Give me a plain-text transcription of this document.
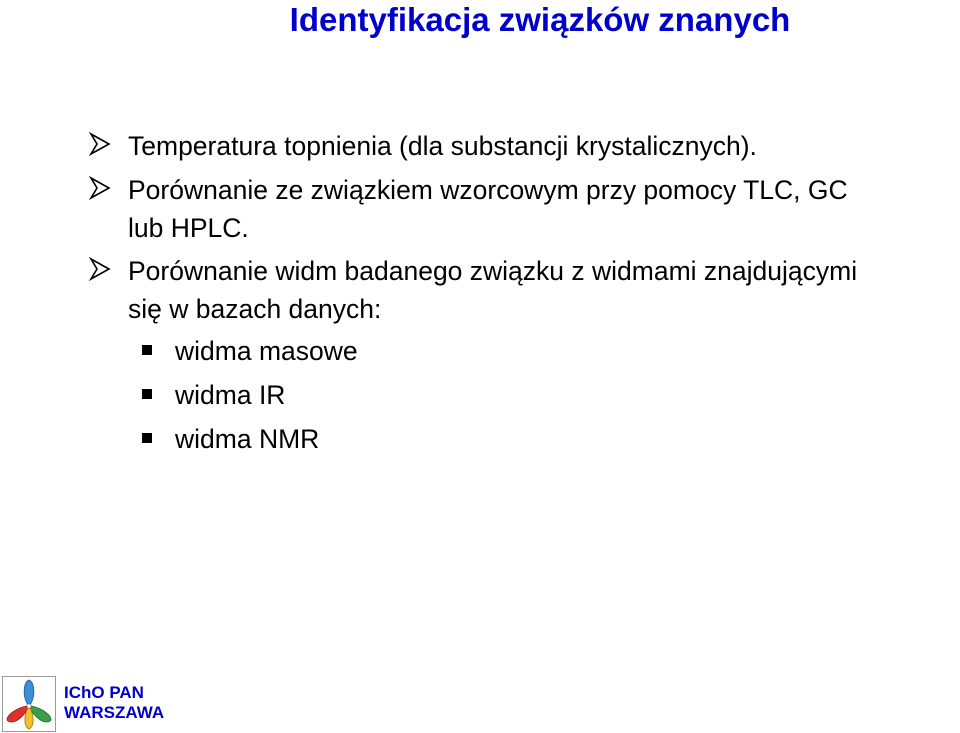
Identyfikacja związków znanych
Temperatura topnienia (dla substancji krystalicznych).
Porównanie ze związkiem wzorcowym przy pomocy TLC, GC
lub HPLC.
Porównanie widm badanego związku z widmami znajdującymi
się w bazach danych:
widma masowe
widma IR
widma NMR
IChO PAN
WARSZAWA
